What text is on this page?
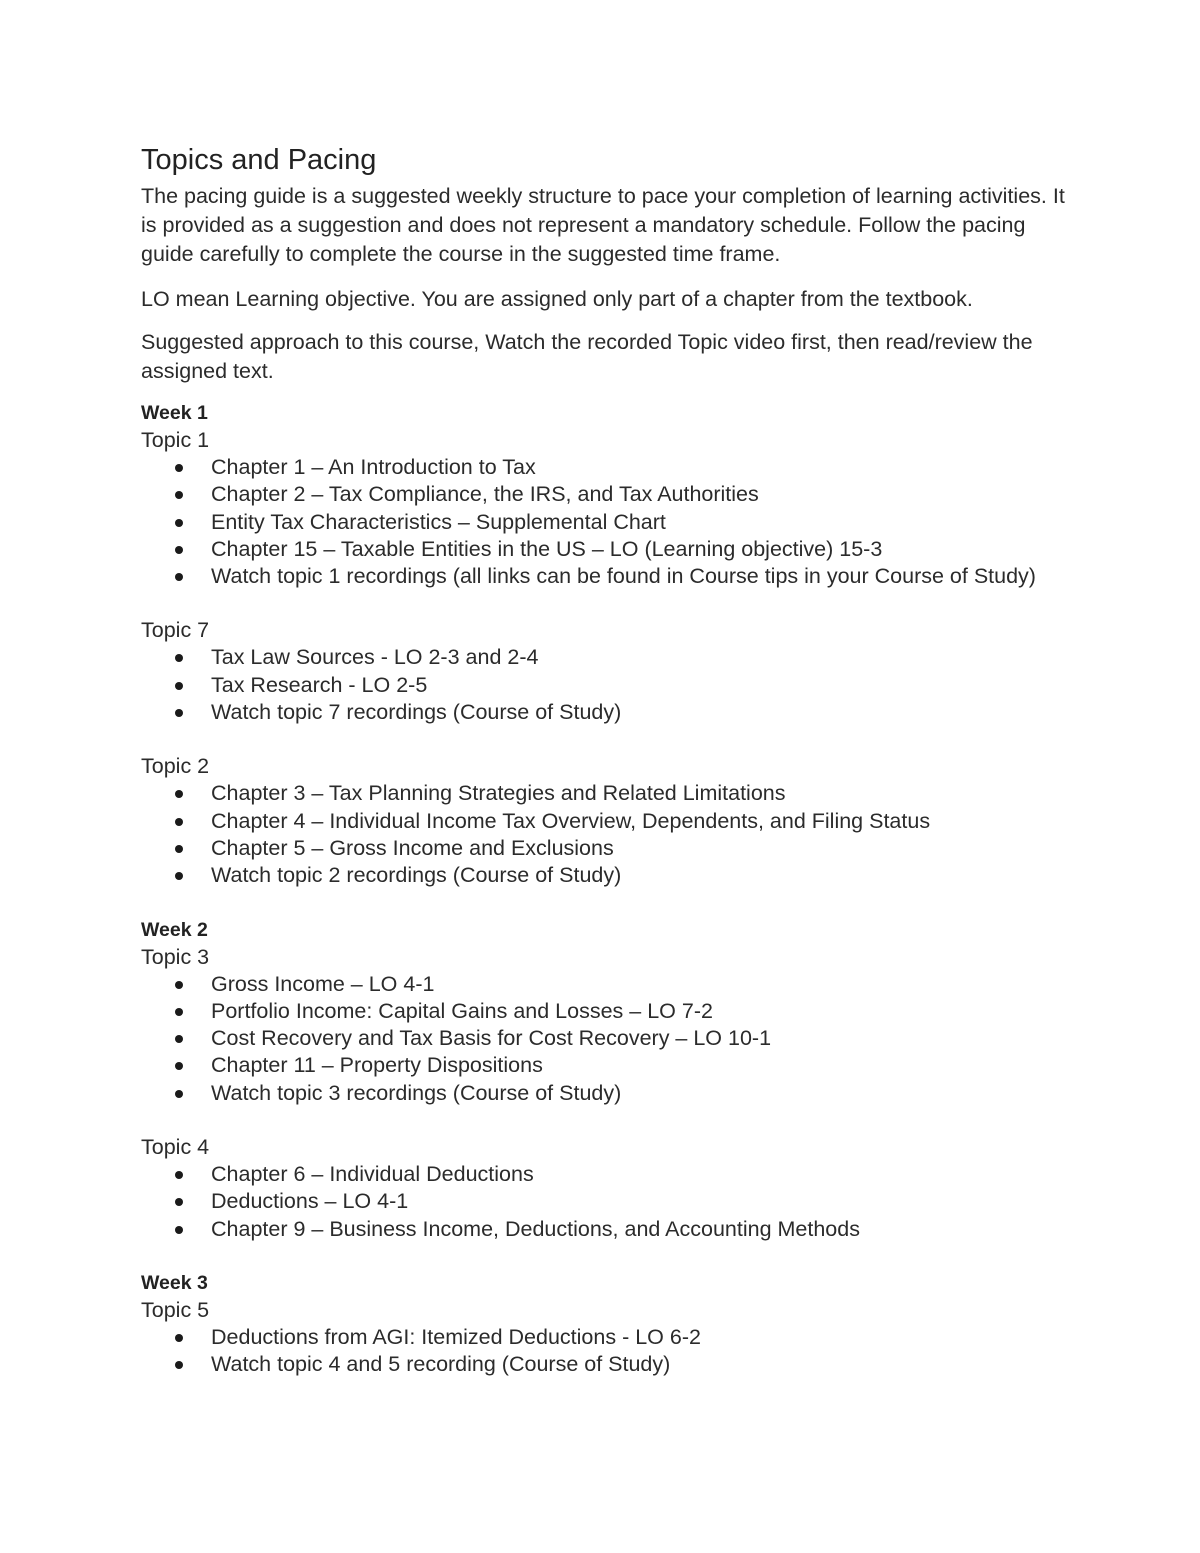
Topics and Pacing

The pacing guide is a suggested weekly structure to pace your completion of learning activities. It is provided as a suggestion and does not represent a mandatory schedule. Follow the pacing guide carefully to complete the course in the suggested time frame.

LO mean Learning objective. You are assigned only part of a chapter from the textbook.

Suggested approach to this course, Watch the recorded Topic video first, then read/review the assigned text.

Week 1
Topic 1
Chapter 1 – An Introduction to Tax
Chapter 2 – Tax Compliance, the IRS, and Tax Authorities
Entity Tax Characteristics – Supplemental Chart
Chapter 15 – Taxable Entities in the US – LO (Learning objective) 15-3
Watch topic 1 recordings (all links can be found in Course tips in your Course of Study)
Topic 7
Tax Law Sources - LO 2-3 and 2-4
Tax Research - LO 2-5
Watch topic 7 recordings (Course of Study)
Topic 2
Chapter 3 – Tax Planning Strategies and Related Limitations
Chapter 4 – Individual Income Tax Overview, Dependents, and Filing Status
Chapter 5 – Gross Income and Exclusions
Watch topic 2 recordings (Course of Study)
Week 2
Topic 3
Gross Income – LO 4-1
Portfolio Income: Capital Gains and Losses – LO 7-2
Cost Recovery and Tax Basis for Cost Recovery – LO 10-1
Chapter 11 – Property Dispositions
Watch topic 3 recordings (Course of Study)
Topic 4
Chapter 6 – Individual Deductions
Deductions – LO 4-1
Chapter 9 – Business Income, Deductions, and Accounting Methods
Week 3
Topic 5
Deductions from AGI: Itemized Deductions - LO 6-2
Watch topic 4 and 5 recording (Course of Study)
